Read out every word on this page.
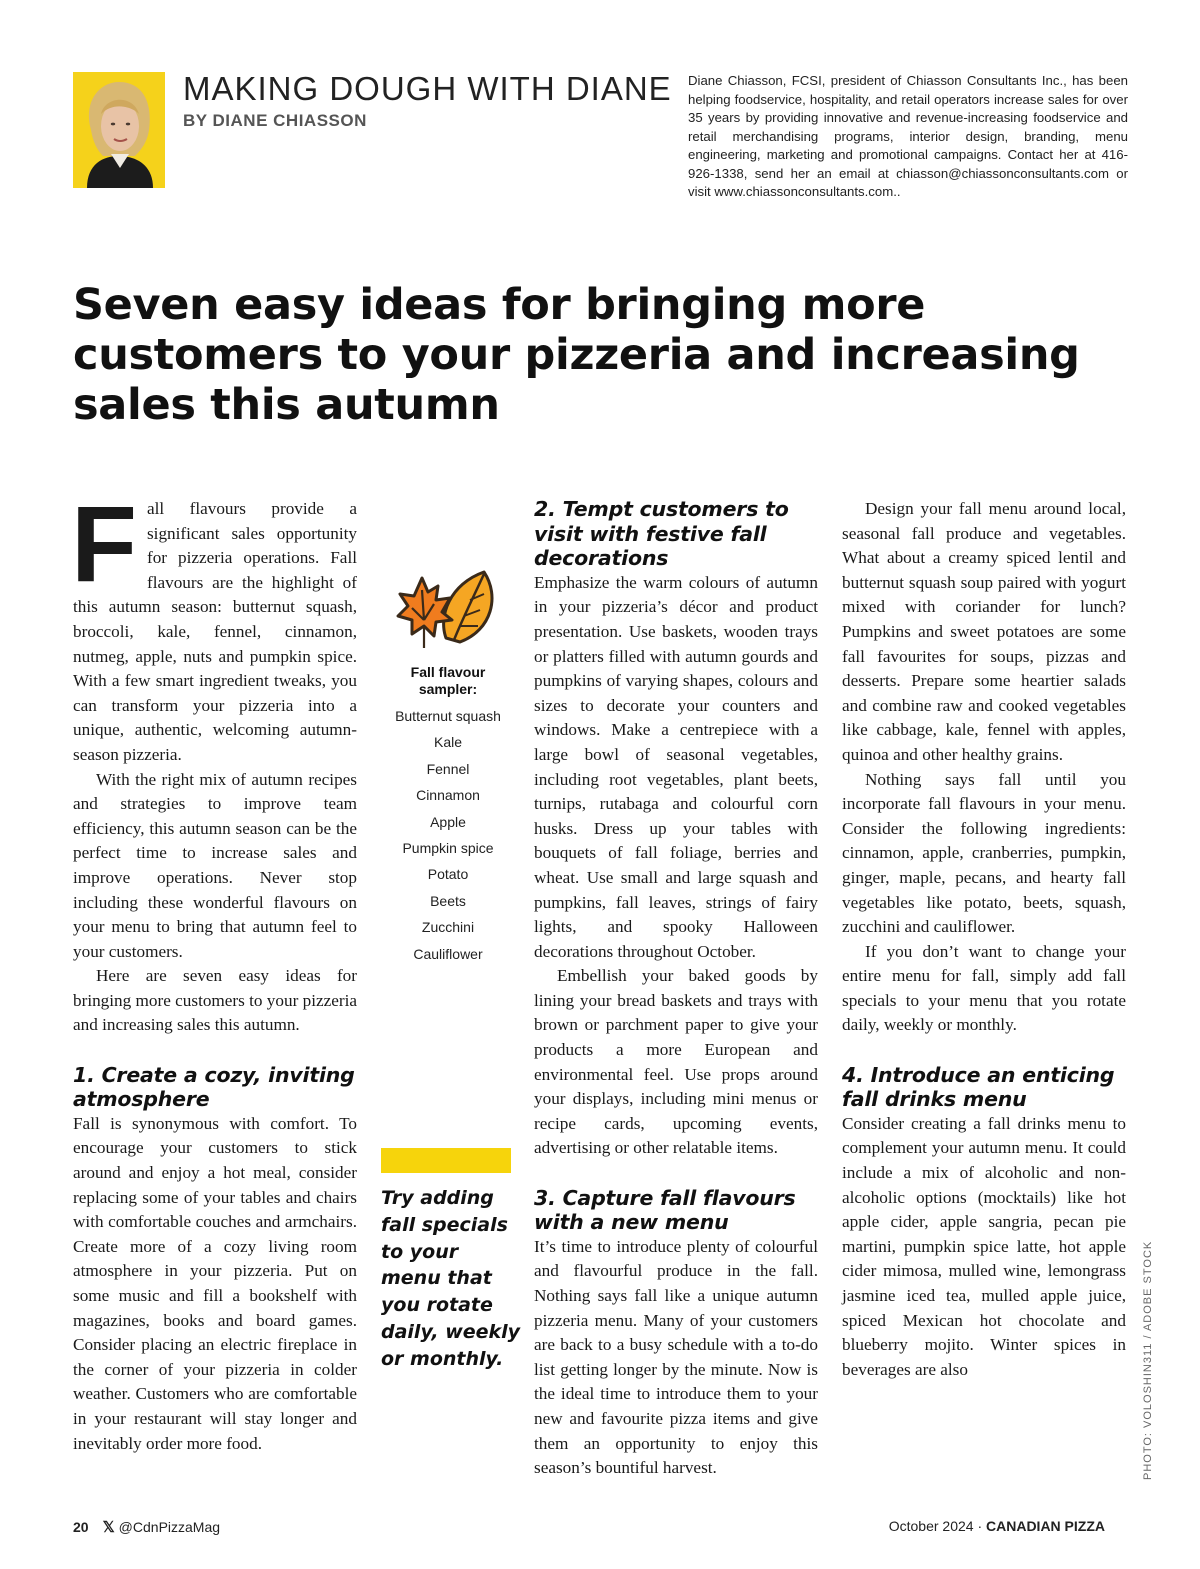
MAKING DOUGH WITH DIANE
BY DIANE CHIASSON
Diane Chiasson, FCSI, president of Chiasson Consultants Inc., has been helping foodservice, hospitality, and retail operators increase sales for over 35 years by providing innovative and revenue-increasing foodservice and retail merchandising programs, interior design, branding, menu engineering, marketing and promotional campaigns. Contact her at 416-926-1338, send her an email at chiasson@chiassonconsultants.com or visit www.chiassonconsultants.com..
Seven easy ideas for bringing more customers to your pizzeria and increasing sales this autumn

Fall flavours provide a significant sales opportunity for pizzeria operations. Fall flavours are the highlight of this autumn season: butternut squash, broccoli, kale, fennel, cinnamon, nutmeg, apple, nuts and pumpkin spice. With a few smart ingredient tweaks, you can transform your pizzeria into a unique, authentic, welcoming autumn-season pizzeria.

With the right mix of autumn recipes and strategies to improve team efficiency, this autumn season can be the perfect time to increase sales and improve operations. Never stop including these wonderful flavours on your menu to bring that autumn feel to your customers.

Here are seven easy ideas for bringing more customers to your pizzeria and increasing sales this autumn.

1. Create a cozy, inviting atmosphere

Fall is synonymous with comfort. To encourage your customers to stick around and enjoy a hot meal, consider replacing some of your tables and chairs with comfortable couches and armchairs. Create more of a cozy living room atmosphere in your pizzeria. Put on some music and fill a bookshelf with magazines, books and board games. Consider placing an electric fireplace in the corner of your pizzeria in colder weather. Customers who are comfortable in your restaurant will stay longer and inevitably order more food.

Fall flavour sampler:
Butternut squash
Kale
Fennel
Cinnamon
Apple
Pumpkin spice
Potato
Beets
Zucchini
Cauliflower
Try adding fall specials to your menu that you rotate daily, weekly or monthly.
2. Tempt customers to visit with festive fall decorations

Emphasize the warm colours of autumn in your pizzeria’s décor and product presentation. Use baskets, wooden trays or platters filled with autumn gourds and pumpkins of varying shapes, colours and sizes to decorate your counters and windows. Make a centrepiece with a large bowl of seasonal vegetables, including root vegetables, plant beets, turnips, rutabaga and colourful corn husks. Dress up your tables with bouquets of fall foliage, berries and wheat. Use small and large squash and pumpkins, fall leaves, strings of fairy lights, and spooky Halloween decorations throughout October.

Embellish your baked goods by lining your bread baskets and trays with brown or parchment paper to give your products a more European and environmental feel. Use props around your displays, including mini menus or recipe cards, upcoming events, advertising or other relatable items.

3. Capture fall flavours with a new menu

It’s time to introduce plenty of colourful and flavourful produce in the fall. Nothing says fall like a unique autumn pizzeria menu. Many of your customers are back to a busy schedule with a to-do list getting longer by the minute. Now is the ideal time to introduce them to your new and favourite pizza items and give them an opportunity to enjoy this season’s bountiful harvest.

Design your fall menu around local, seasonal fall produce and vegetables. What about a creamy spiced lentil and butternut squash soup paired with yogurt mixed with coriander for lunch? Pumpkins and sweet potatoes are some fall favourites for soups, pizzas and desserts. Prepare some heartier salads and combine raw and cooked vegetables like cabbage, kale, fennel with apples, quinoa and other healthy grains.

Nothing says fall until you incorporate fall flavours in your menu. Consider the following ingredients: cinnamon, apple, cranberries, pumpkin, ginger, maple, pecans, and hearty fall vegetables like potato, beets, squash, zucchini and cauliflower.

If you don’t want to change your entire menu for fall, simply add fall specials to your menu that you rotate daily, weekly or monthly.

4. Introduce an enticing fall drinks menu

Consider creating a fall drinks menu to complement your autumn menu. It could include a mix of alcoholic and non-alcoholic options (mocktails) like hot apple cider, apple sangria, pecan pie martini, pumpkin spice latte, hot apple cider mimosa, mulled wine, lemongrass jasmine iced tea, mulled apple juice, spiced Mexican hot chocolate and blueberry mojito. Winter spices in beverages are also	PHOTO: VOLOSHIN311 / ADOBE STOCK
20 𝕏 @CdnPizzaMag	October 2024 · CANADIAN PIZZA
